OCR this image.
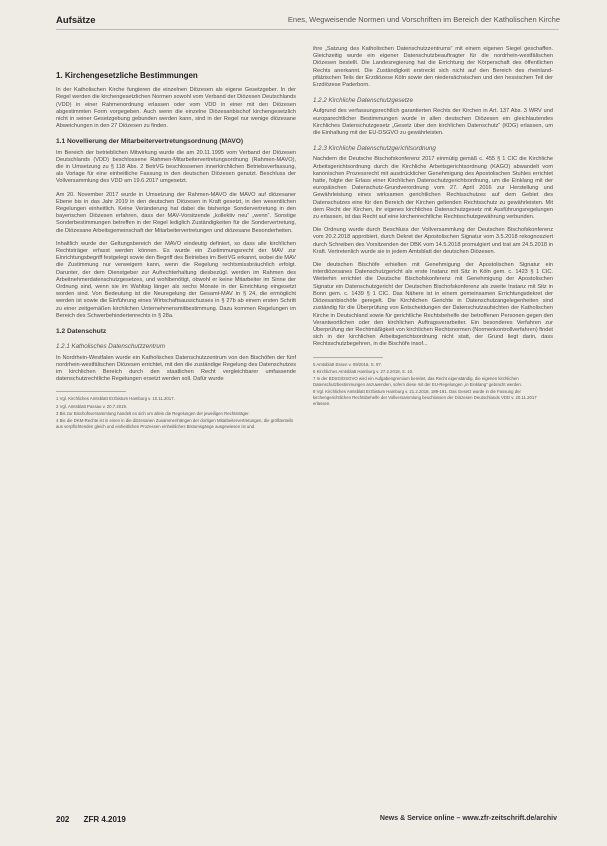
Aufsätze	Enes, Wegweisende Normen und Vorschriften im Bereich der Katholischen Kirche
1. Kirchengesetzliche Bestimmungen

In der Katholischen Kirche fungieren die einzelnen Diözesen als eigene Gesetzgeber. In der Regel werden die kirchengesetzlichen Normen sowohl vom Verband der Diözesen Deutschlands (VDD) in einer Rahmenordnung erlassen oder vom VDD in einer mit den Diözesen abgestimmten Form vorgegeben. Auch wenn die einzelne Diözesanbischof kirchengesetzlich nicht in seiner Gesetzgebung gebunden werden kann, sind in der Regel nur wenige diözesane Abweichungen in den 27 Diözesen zu finden.

1.1 Novellierung der Mitarbeitervertretungsordnung (MAVO)

Im Bereich der betrieblichen Mitwirkung wurde die am 20.11.1995 vom Verband der Diözesen Deutschlands (VDD) beschlossene Rahmen-Mitarbeitervertretungsordnung (Rahmen-MAVO), die in Umsetzung zu § 118 Abs. 2 BetrVG beschlossenen innerkirchlichen Betriebsverfassung, als Vorlage für eine einheitliche Fassung in den deutschen Diözesen genutzt. Beschluss der Vollversammlung des VDD am 19.6.2017 umgesetzt.

Am 20. November 2017 wurde in Umsetzung der Rahmen-MAVO die MAVO auf diözesaner Ebene bis in das Jahr 2019 in den deutschen Diözesen in Kraft gesetzt, in den wesentlichen Regelungen einheitlich. Keine Veränderung hat dabei die bisherige Sondervertretung in den bayerischen Diözesen erfahren, dass der MAV-Vorsitzende „kollektiv neu“ „wenn“. Sonstige Sonderbestimmungen betreffen in der Regel lediglich Zuständigkeiten für die Sondervertretung, die Diözesane Arbeitsgemeinschaft der Mitarbeitervertretungen und diözesane Besonderheiten.

Inhaltlich wurde der Geltungsbereich der MAVO eindeutig definiert, so dass alle kirchlichen Rechtsträger erfasst werden können. Es wurde ein Zustimmungsrecht der MAV zur Einrichtungsbegriff festgelegt sowie den Begriff des Betriebes im BetrVG erkannt, wobei die MAV die Zustimmung nur verweigern kann, wenn die Regelung rechtsmissbräuchlich erfolgt. Darunter, der dem Dienstgeber zur Aufrechterhaltung diesbezügl. werden im Rahmen des Arbeitnehmerdatenschutzgesetzes, und wohlbenötigt, obwohl er keine Mitarbeiter im Sinne der Ordnung sind, wenn sie im Wahltag länger als sechs Monate in der Einrichtung eingesetzt worden sind. Von Bedeutung ist die Neuregelung der Gesamt-MAV in § 24, die ermöglicht werden ist sowie die Einführung eines Wirtschaftsausschusses in § 27b ab einem ersten Schritt zu einer zeitgemäßen kirchlichen Unternehmensmitbestimmung. Dazu kommen Regelungen im Bereich des Schwerbehindertenrechts in § 28a.

1.2 Datenschutz
1.2.1 Katholisches Datenschutzzentrum

In Nordrhein-Westfalen wurde ein Katholisches Datenschutzzentrum von den Bischöfen der fünf nordrhein-westfälischen Diözesen errichtet, mit den die zuständige Regelung des Datenschutzes im kirchlichen Bereich durch den staatlichen Recht vergleichbarer umfassende datenschutzrechtliche Regelungen ersetzt werden soll. Dafür wurde

1 Vgl. Kirchliches Amtsblatt Erzbistum Hamburg v. 10.11.2017.
2 Vgl. Amtsblatt Passau v. 20.7.2019.
3 Bis zur Bischofsversammlung handelt es sich um allein die Regelungen der jeweiligen Rechtsträger.
4 Bis die DKM-Rechte ist in einen in die diözesanen Zusammenhängen der dortigen Mitarbeitervertretungen, die größtenteils aus verpflichtenden gleich und einheitlichen Prozessen einheitliches Bistumsgänge ausgewiesen ist und.

ihre „Satzung des Katholischen Datenschutzzentrums“ mit einem eigenen Siegel geschaffen. Gleichzeitig wurde ein eigener Datenschutzbeauftragter für die nordrhein-westfälischen Diözesen bestellt. Die Landesregierung hat die Errichtung der Körperschaft des öffentlichen Rechts anerkannt. Die Zuständigkeit erstreckt sich nicht auf den Bereich des rheinland-pfälzischen Teils der Erzdiözese Köln sowie den niedersächsischen und den hessischen Teil der Erzdiözese Paderborn.

1.2.2 Kirchliche Datenschutzgesetze

Aufgrund des verfassungsrechtlich garantierten Rechts der Kirchen in Art. 137 Abs. 3 WRV und europarechtlicher Bestimmungen wurde in allen deutschen Diözesen ein gleichlautendes Kirchliches Datenschutzgesetz „Gesetz über den kirchlichen Datenschutz“ (KDG) erlassen, um die Einhaltung mit der EU-DSGVO zu gewährleisten.

1.2.3 Kirchliche Datenschutzgerichtsordnung

Nachdem die Deutsche Bischofskonferenz 2017 einmütig gemäß c. 455 § 1 CIC die Kirchliche Arbeitsgerichtsordnung durch die Kirchliche Arbeitsgerichtsordnung (KAGO) abwandelt vom kanonischen Prozessrecht mit ausdrücklicher Genehmigung des Apostolischen Stuhles errichtet hatte, folgte der Erlass einer Kirchlichen Datenschutzgerichtsordnung, um die Einklang mit der europäischen Datenschutz-Grundverordnung vom 27. April 2016 zur Herstellung und Gewährleistung eines wirksamen gerichtlichen Rechtsschutzes auf dem Gebiet des Datenschutzes eine für den Bereich der Kirchen geltenden Rechtsschutz zu gewährleisten. Mit dem Recht der Kirchen, ihr eigenes kirchliches Datenschutzgesetz mit Ausführungsregelungen zu erlassen, ist das Recht auf eine kirchenrechtliche Rechtsschutzgewährung verbunden.

Die Ordnung wurde durch Beschluss der Vollversammlung der Deutschen Bischofskonferenz vom 20.2.2018 approbiert, durch Dekret der Apostolischen Signatur vom 3.5.2018 rekognosziert durch Schreiben des Vorsitzenden der DBK vom 14.5.2018 promulgiert und trat am 24.5.2018 in Kraft. Vertretenlich wurde sie in jedem Amtsblatt der deutschen Diözesen.

Die deutschen Bischöfe erhielten mit Genehmigung der Apostolischen Signatur ein interdiözesanes Datenschutzgericht als erste Instanz mit Sitz in Köln gem. c. 1423 § 1 CIC. Weiterhin errichtet die Deutsche Bischofskonferenz mit Genehmigung der Apostolischen Signatur ein Datenschutzgericht der Deutschen Bischofskonferenz als zweite Instanz mit Sitz in Bonn gem. c. 1439 § 1 CIC. Das Nähere ist in einem gemeinsamen Errichtungsdekret der Diözesanbischöfe geregelt. Die Kirchlichen Gerichte in Datenschutzangelegenheiten sind zuständig für die Überprüfung von Entscheidungen der Datenschutzaufsichten der Katholischen Kirche in Deutschland sowie für gerichtliche Rechtsbehelfe der betroffenen Personen gegen den Verantwortlichen oder den kirchlichen Auftragsverarbeiter. Ein besonderes Verfahren zur Überprüfung der Rechtmäßigkeit von kirchlichen Rechtsnormen (Normenkontrollverfahren) findet sich in der kirchlichen Arbeitsgerichtsordnung nicht statt, der Grund liegt darin, dass Rechtsschutzbegehren, in die Bischöfe insof...

5 Amtsblatt Essen v. 09/2018, S. 97.
6 Kirchliches Amtsblatt Hamburg v. 27.2.2018, S. 10.
7 In der BDSG/DSGVO wird ein Aufgabengremium bereitet, das Recht eigenständig, die eigenen kirchlichen Datenschutzbestimmungen anzuwenden, sofern diese mit der EU-Regelungen „in Einklang“ gebracht werden.
8 Vgl. Kirchliches Amtsblatt Erzbistum Hamburg v. 21.2.2018, 189-191. Das Gesetz wurde in die Fassung der kirchengerichtlichen Rechtsbehelfe der Vollversammlung beschlossen der Diözesen Deutschlands VDD v. 20.11.2017 erlassen.
202 ZFR 4.2019	News & Service online – www.zfr-zeitschrift.de/archiv
